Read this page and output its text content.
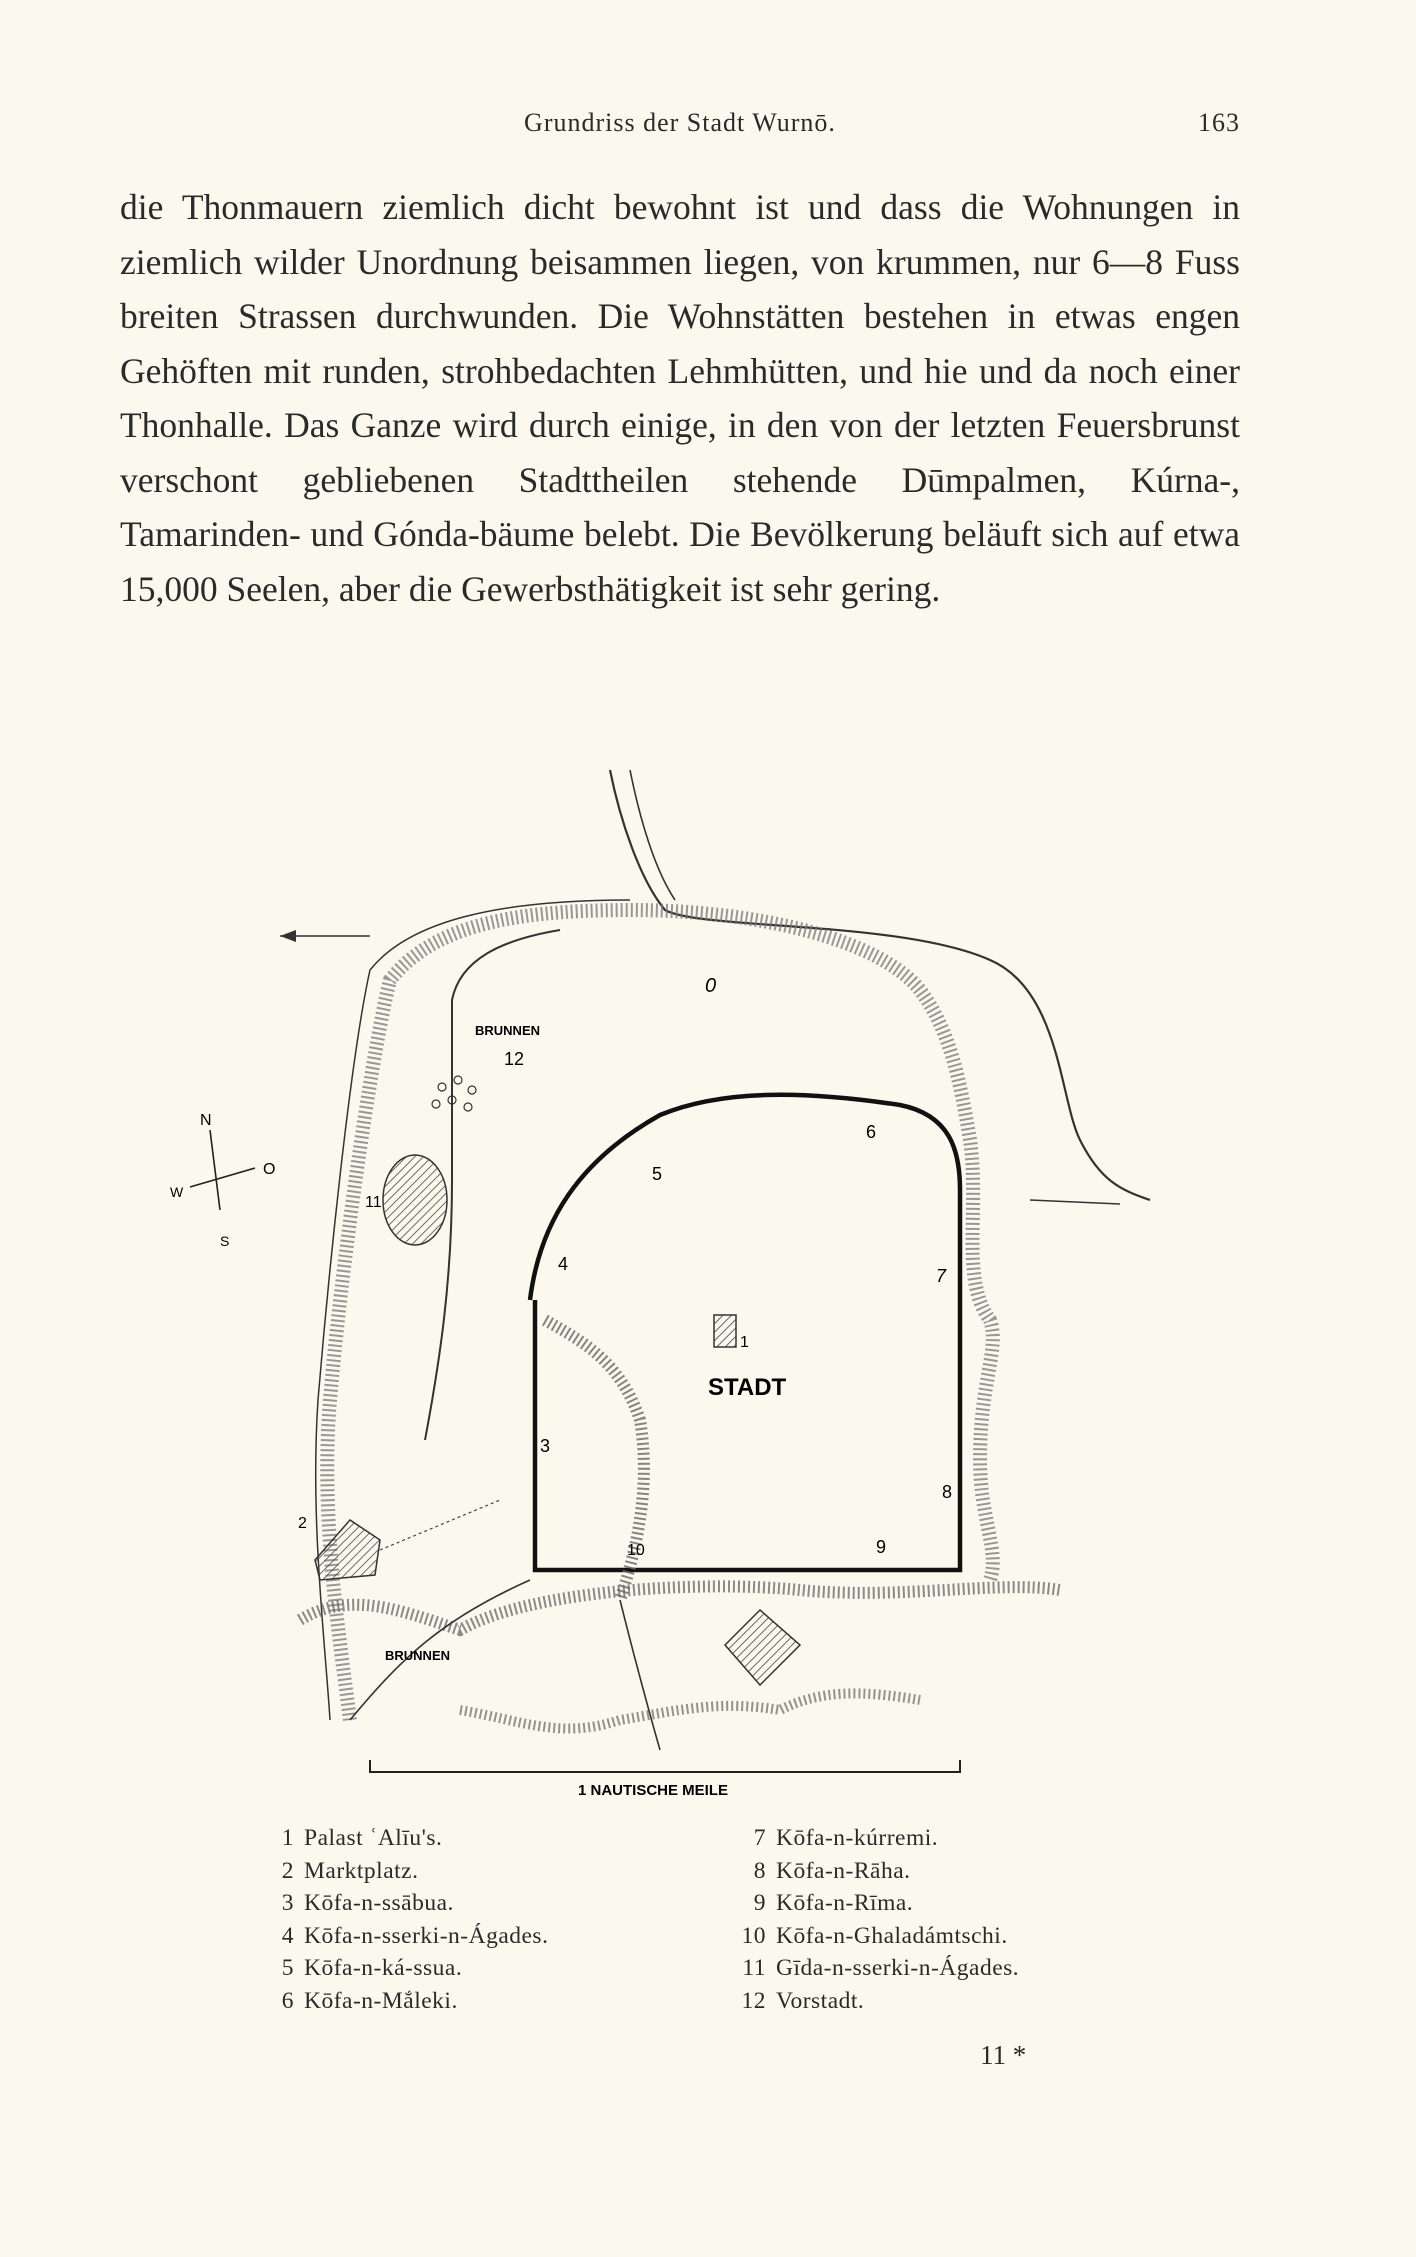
Grundriss der Stadt Wurnō.	163

die Thonmauern ziemlich dicht bewohnt ist und dass die Wohnungen in ziemlich wilder Unordnung beisammen liegen, von krummen, nur 6—8 Fuss breiten Strassen durchwunden. Die Wohnstätten bestehen in etwas engen Gehöften mit runden, strohbedachten Lehmhütten, und hie und da noch einer Thonhalle. Das Ganze wird durch einige, in den von der letzten Feuersbrunst verschont gebliebenen Stadttheilen stehende Dūmpalmen, Kúrna-, Tamarinden- und Gónda-bäume belebt. Die Bevölkerung beläuft sich auf etwa 15,000 Seelen, aber die Gewerbsthätigkeit ist sehr gering.

N
W
O
S
STADT
BRUNNEN
BRUNNEN
0
12
5
6
4
7
1
3
8
9
10
2
11
1 NAUTISCHE MEILE
1 Palast ʿAlīu's.
2 Marktplatz.
3 Kōfa-n-ssābua.
4 Kōfa-n-sserki-n-Ágades.
5 Kōfa-n-ká-ssua.
6 Kōfa-n-Mắleki.
7 Kōfa-n-kúrremi.
8 Kōfa-n-Rāha.
9 Kōfa-n-Rīma.
10 Kōfa-n-Ghaladámtschi.
11 Gīda-n-sserki-n-Ágades.
12 Vorstadt.
11 *
